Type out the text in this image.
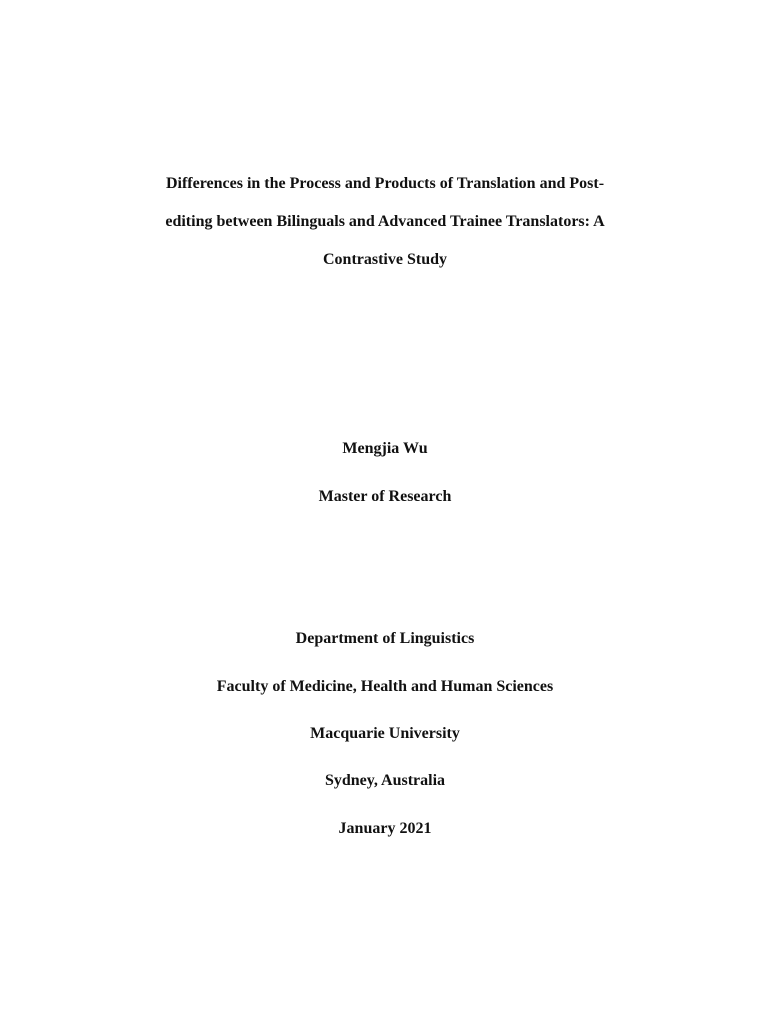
Differences in the Process and Products of Translation and Post-
editing between Bilinguals and Advanced Trainee Translators: A
Contrastive Study
Mengjia Wu
Master of Research
Department of Linguistics
Faculty of Medicine, Health and Human Sciences
Macquarie University
Sydney, Australia
January 2021
